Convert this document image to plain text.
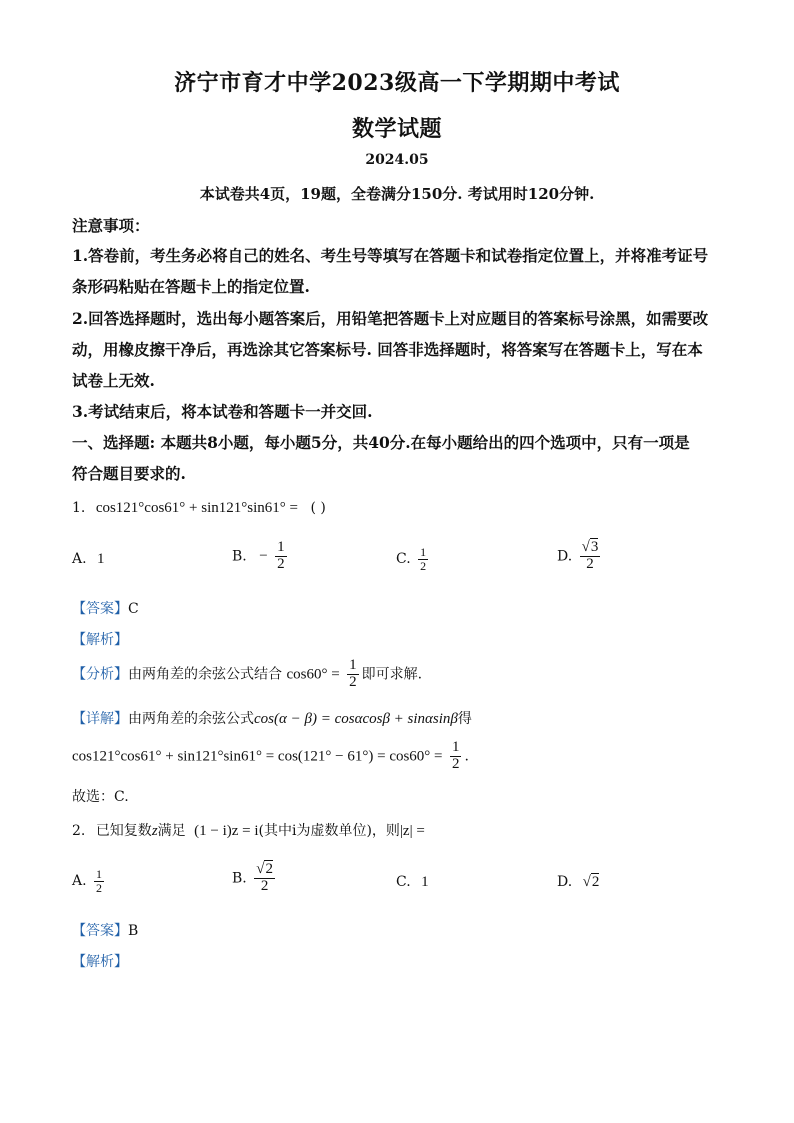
济宁市育才中学2023级高一下学期期中考试
数学试题
2024.05
本试卷共4页，19题，全卷满分150分. 考试用时120分钟.
注意事项：
1.答卷前，考生务必将自己的姓名、考生号等填写在答题卡和试卷指定位置上，并将准考证号
条形码粘贴在答题卡上的指定位置.
2.回答选择题时，选出每小题答案后，用铅笔把答题卡上对应题目的答案标号涂黑，如需要改
动，用橡皮擦干净后，再选涂其它答案标号. 回答非选择题时，将答案写在答题卡上，写在本
试卷上无效.
3.考试结束后，将本试卷和答题卡一并交回.
一、选择题: 本题共8小题，每小题5分，共40分.在每小题给出的四个选项中，只有一项是
符合题目要求的.
1. cos121°cos61° + sin121°sin61° = ( )
A. 1	B. − $\frac{1}{2}$	C. $\frac{1}{2}$	D. $\frac{√3}{2}$
【答案】C
【解析】
【分析】由两角差的余弦公式结合 $\cos 60^\circ = \frac{1}{2}$ 即可求解.
【详解】由两角差的余弦公式cos(α − β) = cosαcosβ + sinαsinβ得
$\cos 121^\circ\cos 61^\circ + \sin 121^\circ\sin 61^\circ = \cos(121^\circ - 61^\circ) = \cos 60^\circ = \frac{1}{2}$ .
故选：C.
2. 已知复数z满足 (1 − i)z = i(其中i为虚数单位)，则|z| =
A. $\frac{1}{2}$	B. $\frac{√2}{2}$	C. 1	D. √2
【答案】B
【解析】
